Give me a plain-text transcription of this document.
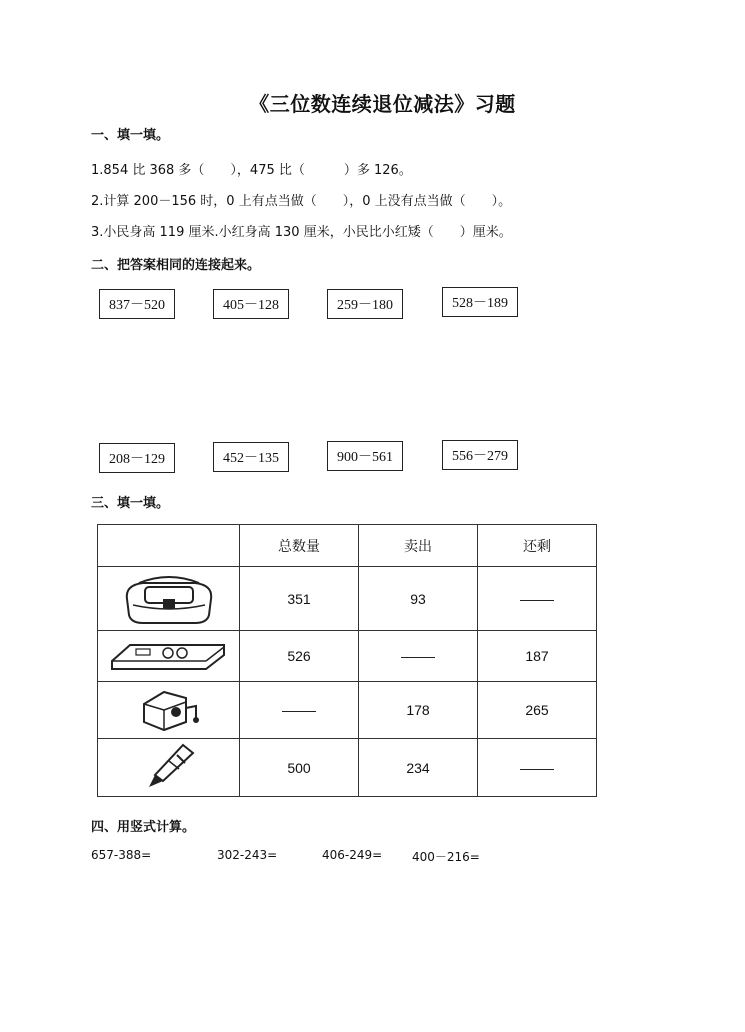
《三位数连续退位减法》习题
一、填一填。
1.854 比 368 多（　　），475 比（　　　）多 126。
2.计算 200－156 时，0 上有点当做（　　），0 上没有点当做（　　）。
3.小民身高 119 厘米.小红身高 130 厘米，小民比小红矮（　　）厘米。
二、把答案相同的连接起来。
837－520	405－128	259－180	528－189
208－129	452－135	900－561	556－279
三、填一填。
	总数量	卖出	还剩
	351	93	
	526		187
		178	265
	500	234	
四、用竖式计算。
657-388=	302-243=	406-249= 400－216=
